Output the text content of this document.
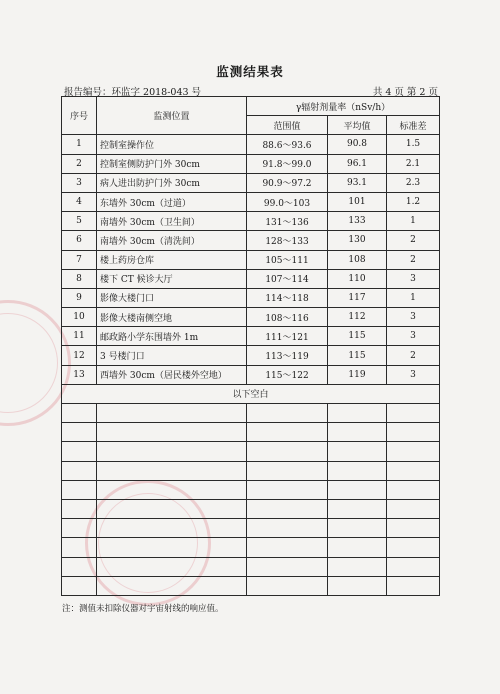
监测结果表
报告编号：环监字 2018-043 号	共 4 页 第 2 页
序号	监测位置	γ辐射剂量率（nSv/h）		
		范围值	平均值	标准差
1	控制室操作位	88.6～93.6	90.8	1.5
2	控制室侧防护门外 30cm	91.8～99.0	96.1	2.1
3	病人进出防护门外 30cm	90.9～97.2	93.1	2.3
4	东墙外 30cm（过道）	99.0～103	101	1.2
5	南墙外 30cm（卫生间）	131～136	133	1
6	南墙外 30cm（清洗间）	128～133	130	2
7	楼上药房仓库	105～111	108	2
8	楼下 CT 候诊大厅	107～114	110	3
9	影像大楼门口	114～118	117	1
10	影像大楼南侧空地	108～116	112	3
11	邮政路小学东围墙外 1m	111～121	115	3
12	3 号楼门口	113～119	115	2
13	西墙外 30cm（居民楼外空地）	115～122	119	3
以下空白				

注：测值未扣除仪器对宇宙射线的响应值。
